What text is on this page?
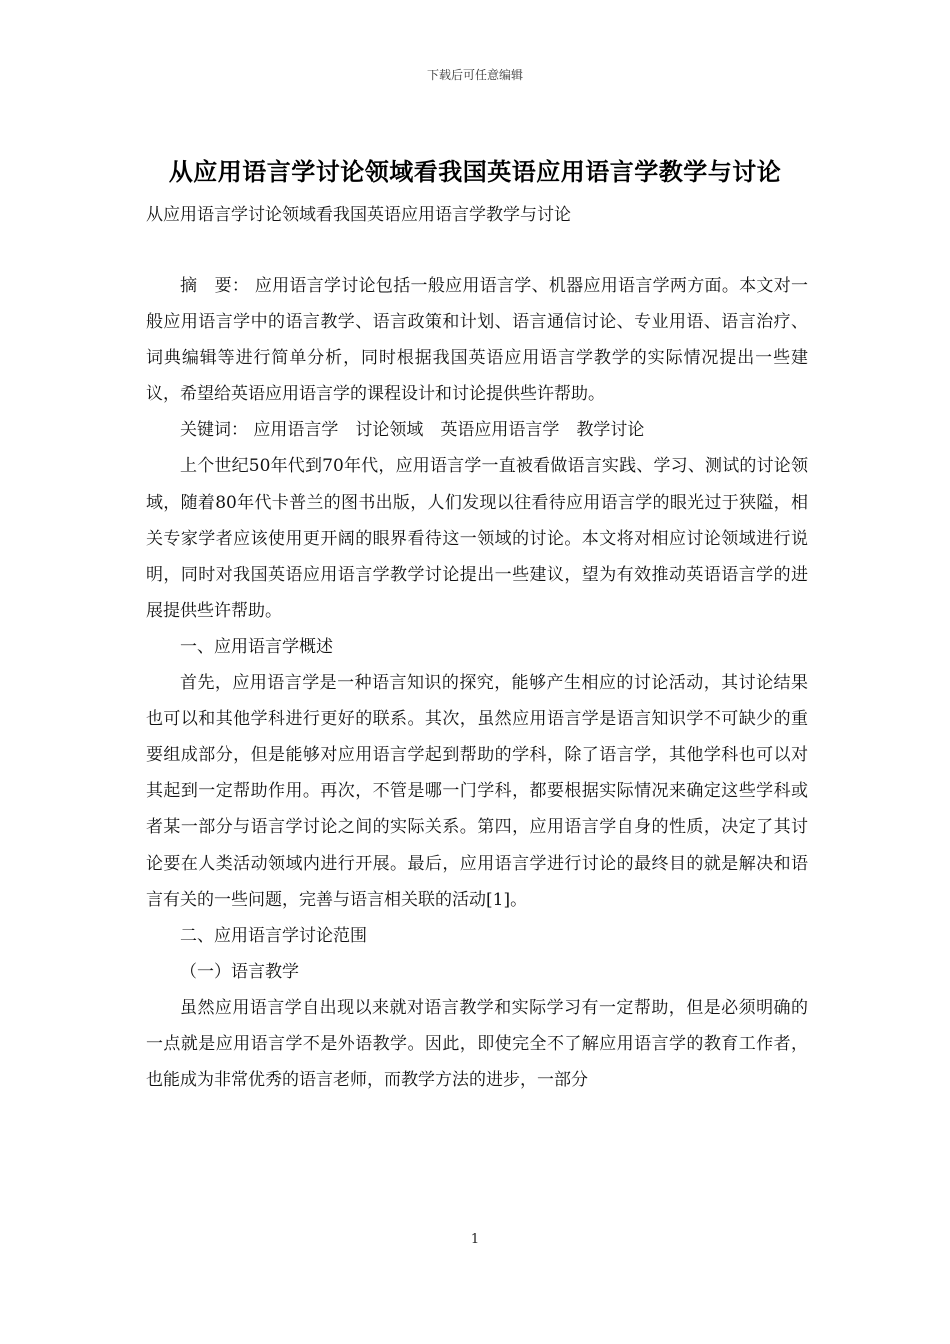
下载后可任意编辑
从应用语言学讨论领域看我国英语应用语言学教学与讨论
从应用语言学讨论领域看我国英语应用语言学教学与讨论

摘　要： 应用语言学讨论包括一般应用语言学、机器应用语言学两方面。本文对一般应用语言学中的语言教学、语言政策和计划、语言通信讨论、专业用语、语言治疗、词典编辑等进行简单分析，同时根据我国英语应用语言学教学的实际情况提出一些建议，希望给英语应用语言学的课程设计和讨论提供些许帮助。

关键词： 应用语言学　讨论领域　英语应用语言学　教学讨论

上个世纪50年代到70年代，应用语言学一直被看做语言实践、学习、测试的讨论领域，随着80年代卡普兰的图书出版，人们发现以往看待应用语言学的眼光过于狭隘，相关专家学者应该使用更开阔的眼界看待这一领域的讨论。本文将对相应讨论领域进行说明，同时对我国英语应用语言学教学讨论提出一些建议，望为有效推动英语语言学的进展提供些许帮助。

一、应用语言学概述

首先，应用语言学是一种语言知识的探究，能够产生相应的讨论活动，其讨论结果也可以和其他学科进行更好的联系。其次，虽然应用语言学是语言知识学不可缺少的重要组成部分，但是能够对应用语言学起到帮助的学科，除了语言学，其他学科也可以对其起到一定帮助作用。再次，不管是哪一门学科，都要根据实际情况来确定这些学科或者某一部分与语言学讨论之间的实际关系。第四，应用语言学自身的性质，决定了其讨论要在人类活动领域内进行开展。最后，应用语言学进行讨论的最终目的就是解决和语言有关的一些问题，完善与语言相关联的活动[1]。

二、应用语言学讨论范围

（一）语言教学

虽然应用语言学自出现以来就对语言教学和实际学习有一定帮助，但是必须明确的一点就是应用语言学不是外语教学。因此，即使完全不了解应用语言学的教育工作者，也能成为非常优秀的语言老师，而教学方法的进步，一部分

1
